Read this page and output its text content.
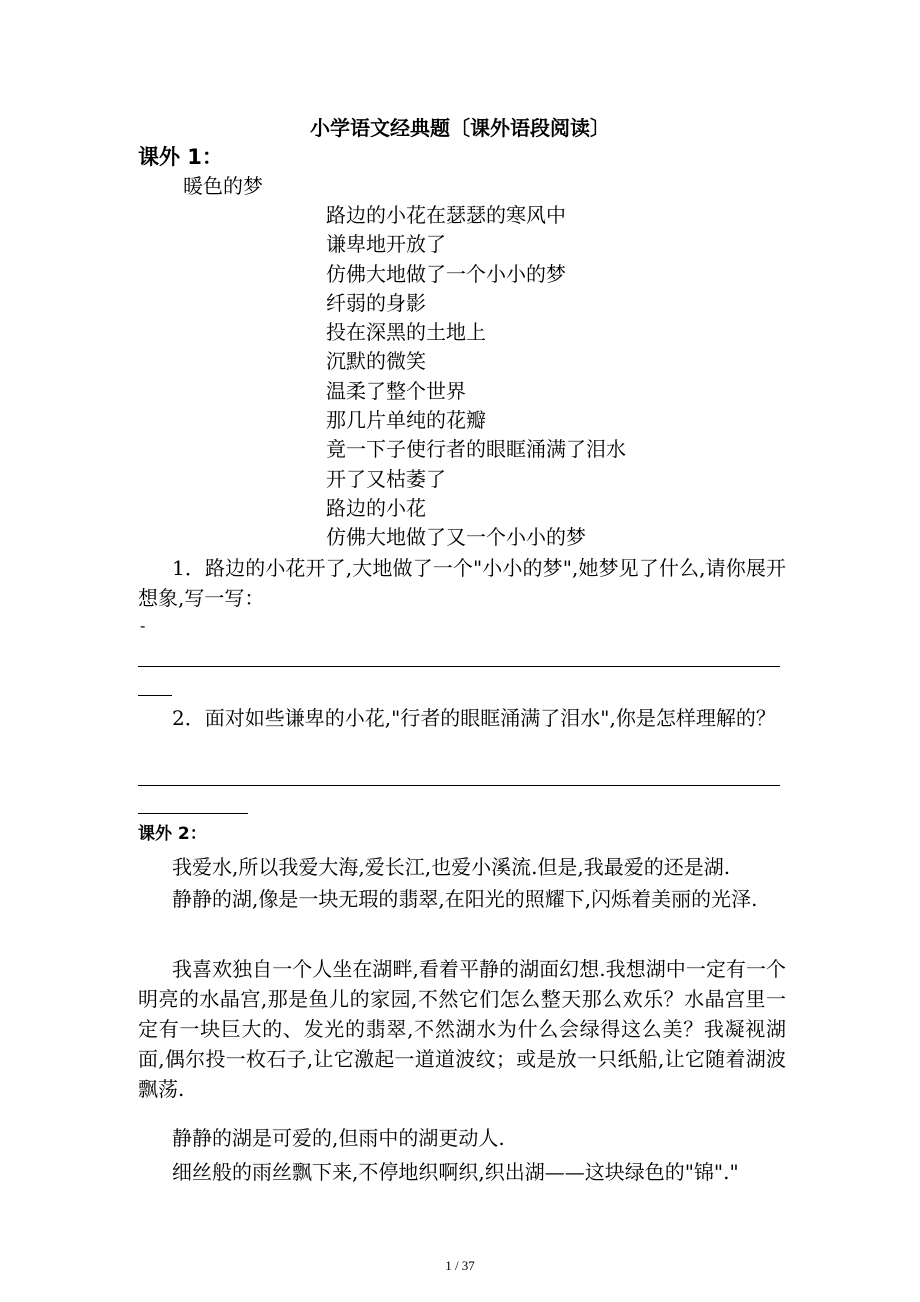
小学语文经典题〔课外语段阅读〕
课外 1：
暖色的梦
路边的小花在瑟瑟的寒风中
谦卑地开放了
仿佛大地做了一个小小的梦
纤弱的身影
投在深黑的土地上
沉默的微笑
温柔了整个世界
那几片单纯的花瓣
竟一下子使行者的眼眶涌满了泪水
开了又枯萎了
路边的小花
仿佛大地做了又一个小小的梦

1．路边的小花开了,大地做了一个"小小的梦",她梦见了什么,请你展开想象,写一写：

-

2．面对如些谦卑的小花,"行者的眼眶涌满了泪水",你是怎样理解的？

课外 2：

我爱水,所以我爱大海,爱长江,也爱小溪流.但是,我最爱的还是湖.

静静的湖,像是一块无瑕的翡翠,在阳光的照耀下,闪烁着美丽的光泽.

我喜欢独自一个人坐在湖畔,看着平静的湖面幻想.我想湖中一定有一个明亮的水晶宫,那是鱼儿的家园,不然它们怎么整天那么欢乐？水晶宫里一定有一块巨大的、发光的翡翠,不然湖水为什么会绿得这么美？我凝视湖面,偶尔投一枚石子,让它激起一道道波纹；或是放一只纸船,让它随着湖波飘荡.

静静的湖是可爱的,但雨中的湖更动人.

细丝般的雨丝飘下来,不停地织啊织,织出湖——这块绿色的"锦"."

1 / 37
